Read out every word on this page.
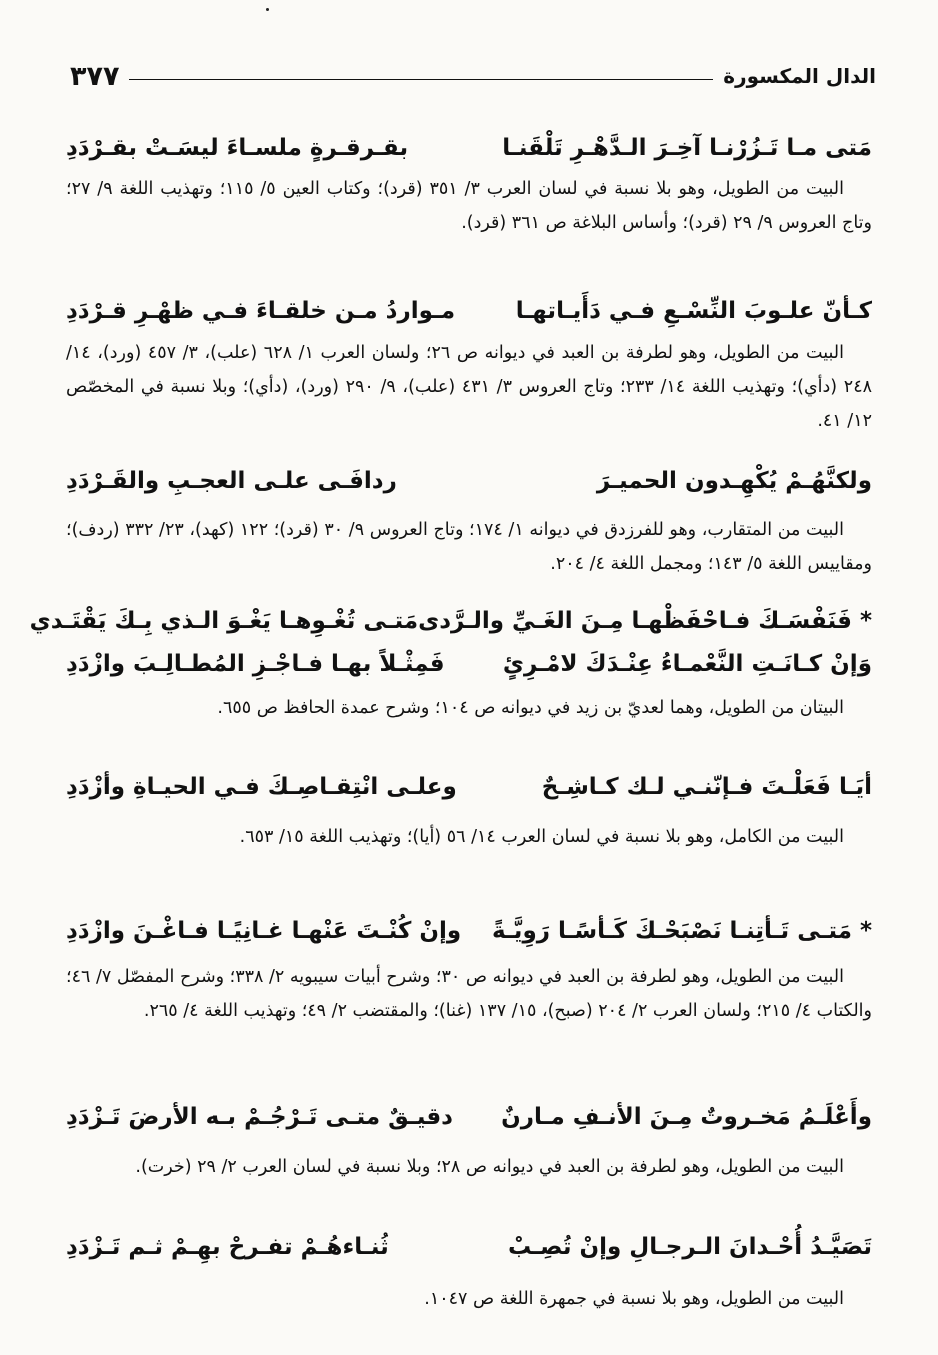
الدال المكسورة
٣٧٧
مَتى مـا تَـزُرْنـا آخِـرَ الـدَّهْـرِ تَلْقَنـا
بقـرقـرةٍ ملسـاءَ ليسَـتْ بقـرْدَدِ
البيت من الطويل، وهو بلا نسبة في لسان العرب ٣/ ٣٥١ (قرد)؛ وكتاب العين ٥/ ١١٥؛ وتهذيب اللغة ٩/ ٢٧؛ وتاج العروس ٩/ ٢٩ (قرد)؛ وأساس البلاغة ص ٣٦١ (قرد).
كـأنّ علـوبَ النِّسْـعِ فـي دَأَيـاتهـا
مـواردُ مـن خلقـاءَ فـي ظهْـرِ قـرْدَدِ
البيت من الطويل، وهو لطرفة بن العبد في ديوانه ص ٢٦؛ ولسان العرب ١/ ٦٢٨ (علب)، ٣/ ٤٥٧ (ورد)، ١٤/ ٢٤٨ (دأي)؛ وتهذيب اللغة ١٤/ ٢٣٣؛ وتاج العروس ٣/ ٤٣١ (علب)، ٩/ ٢٩٠ (ورد)، (دأي)؛ وبلا نسبة في المخصّص ١٢/ ٤١.
ولكنَّهُـمْ يُكْهِـدون الحميـرَ
ردافَـى علـى العجـبِ والقَـرْدَدِ
البيت من المتقارب، وهو للفرزدق في ديوانه ١/ ١٧٤؛ وتاج العروس ٩/ ٣٠ (قرد)؛ ١٢٢ (كهد)، ٢٣/ ٣٣٢ (ردف)؛ ومقاييس اللغة ٥/ ١٤٣؛ ومجمل اللغة ٤/ ٢٠٤.
*فَنَفْسَـكَ فـاحْفَظْهـا مِـنَ الغَـيِّ والـرَّدى
مَتـى تُغْـوِهـا يَغْـوَ الـذي بِـكَ يَقْتَـدي
وَإنْ كـانَـتِ النَّعْمـاءُ عِنْـدَكَ لامْـرِئٍ
فَمِثْـلاً بهـا فـاجْـزِ المُطـالِـبَ وازْدَدِ
البيتان من الطويل، وهما لعديّ بن زيد في ديوانه ص ١٠٤؛ وشرح عمدة الحافظ ص ٦٥٥.
أيَـا فَعَلْـتَ فـإنّنـي لـك كـاشِـحٌ
وعلـى انْتِقـاصِـكَ فـي الحيـاةِ وأزْدَدِ
البيت من الكامل، وهو بلا نسبة في لسان العرب ١٤/ ٥٦ (أيا)؛ وتهذيب اللغة ١٥/ ٦٥٣.
*مَتـى تَـأتِنـا نَصْبَحْـكَ كَـأسًـا رَوِيَّـةً
وإنْ كُنْـتَ عَنْهـا غـانِيًـا فـاغْـنَ وازْدَدِ
البيت من الطويل، وهو لطرفة بن العبد في ديوانه ص ٣٠؛ وشرح أبيات سيبويه ٢/ ٣٣٨؛ وشرح المفصّل ٧/ ٤٦؛ والكتاب ٤/ ٢١٥؛ ولسان العرب ٢/ ٢٠٤ (صبح)، ١٥/ ١٣٧ (غنا)؛ والمقتضب ٢/ ٤٩؛ وتهذيب اللغة ٤/ ٢٦٥.
وأَعْلَـمُ مَخـروتٌ مِـنَ الأنـفِ مـارنٌ
دقيـقٌ متـى تَـرْجُـمْ بـه الأرضَ تَـزْدَدِ
البيت من الطويل، وهو لطرفة بن العبد في ديوانه ص ٢٨؛ وبلا نسبة في لسان العرب ٢/ ٢٩ (خرت).
تَصَيَّـدُ أُحْـدانَ الـرجـالِ وإنْ تُصِـبْ
ثُنـاءهُـمْ تفـرحْ بهِـمْ ثـم تَـزْدَدِ
البيت من الطويل، وهو بلا نسبة في جمهرة اللغة ص ١٠٤٧.
